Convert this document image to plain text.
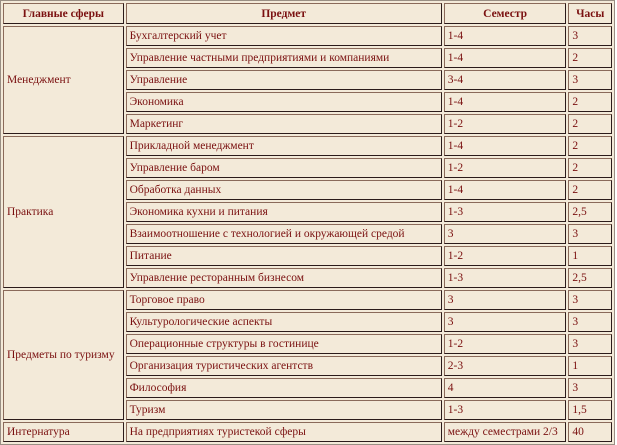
Главные сферы	Предмет	Семестр	Часы
Менеджмент	Бухгалтерский учет	1-4	3
	Управление частными предприятиями и компаниями	1-4	2
	Управление	3-4	3
	Экономика	1-4	2
	Маркетинг	1-2	2
Практика	Прикладной менеджмент	1-4	2
	Управление баром	1-2	2
	Обработка данных	1-4	2
	Экономика кухни и питания	1-3	2,5
	Взаимоотношение с технологией и окружающей средой	3	3
	Питание	1-2	1
	Управление ресторанным бизнесом	1-3	2,5
Предметы по туризму	Торговое право	3	3
	Культурологические аспекты	3	3
	Операционные структуры в гостинице	1-2	3
	Организация туристических агентств	2-3	1
	Философия	4	3
	Туризм	1-3	1,5
Интернатура	На предприятиях туристекой сферы	между семестрами 2/3	40
